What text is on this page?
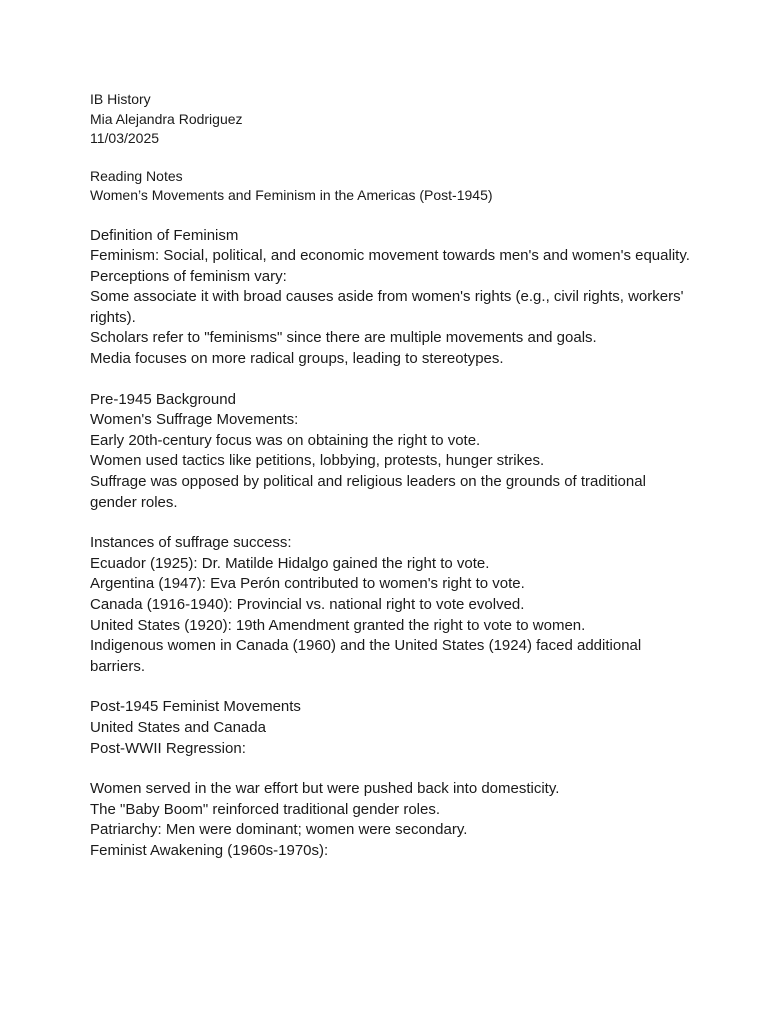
IB History
Mia Alejandra Rodriguez
11/03/2025
Reading Notes
Women’s Movements and Feminism in the Americas (Post-1945)
Definition of Feminism
Feminism: Social, political, and economic movement towards men's and women's equality.
Perceptions of feminism vary:
Some associate it with broad causes aside from women's rights (e.g., civil rights, workers' rights).
Scholars refer to "feminisms" since there are multiple movements and goals.
Media focuses on more radical groups, leading to stereotypes.
Pre-1945 Background
Women's Suffrage Movements:
Early 20th-century focus was on obtaining the right to vote.
Women used tactics like petitions, lobbying, protests, hunger strikes.
Suffrage was opposed by political and religious leaders on the grounds of traditional gender roles.
Instances of suffrage success:
Ecuador (1925): Dr. Matilde Hidalgo gained the right to vote.
Argentina (1947): Eva Perón contributed to women's right to vote.
Canada (1916-1940): Provincial vs. national right to vote evolved.
United States (1920): 19th Amendment granted the right to vote to women.
Indigenous women in Canada (1960) and the United States (1924) faced additional barriers.
Post-1945 Feminist Movements
United States and Canada
Post-WWII Regression:
Women served in the war effort but were pushed back into domesticity.
The "Baby Boom" reinforced traditional gender roles.
Patriarchy: Men were dominant; women were secondary.
Feminist Awakening (1960s-1970s):
